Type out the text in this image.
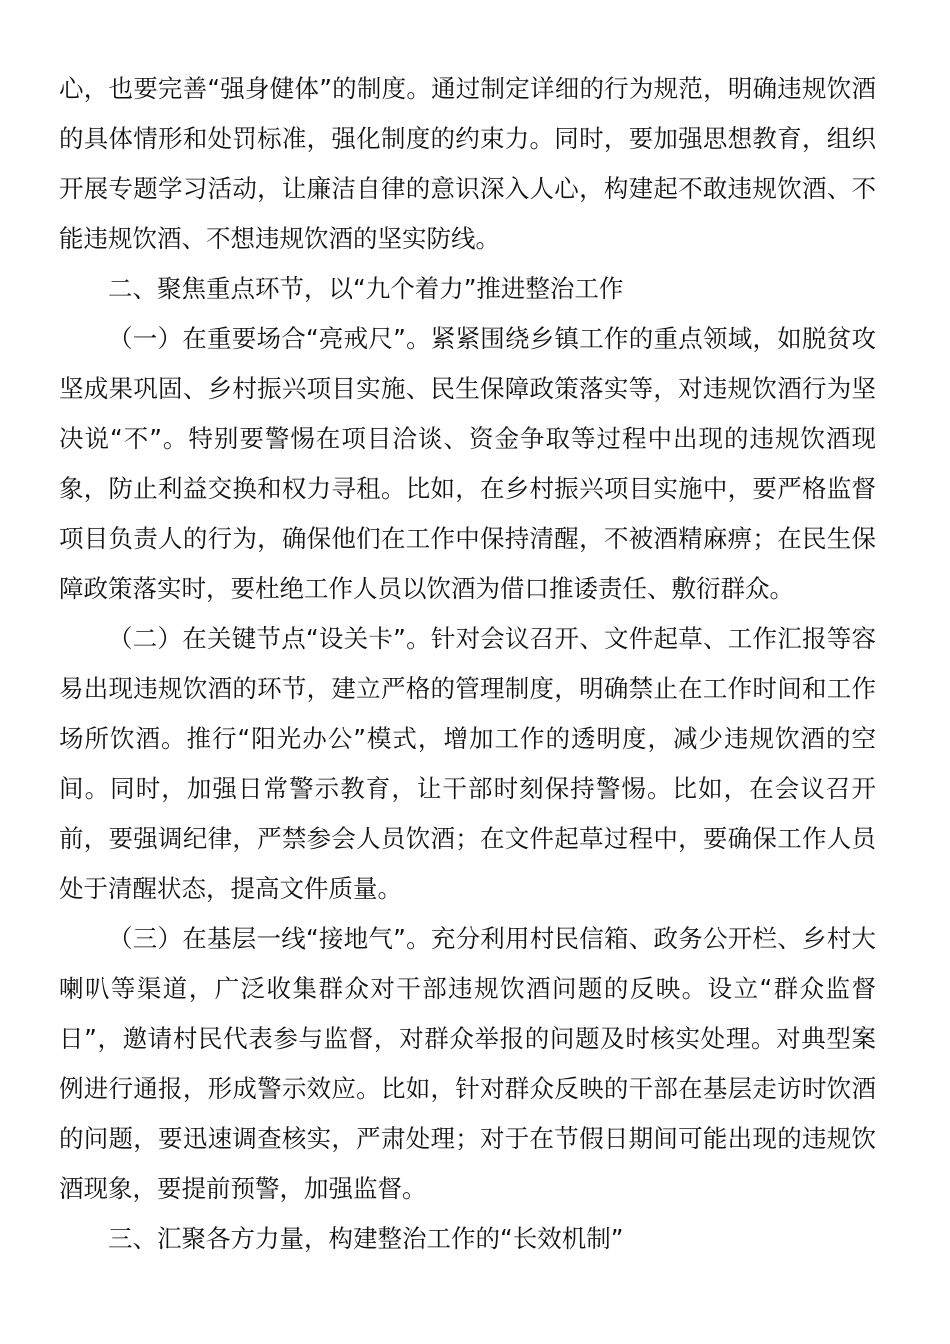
心，也要完善“强身健体”的制度。通过制定详细的行为规范，明确违规饮酒的具体情形和处罚标准，强化制度的约束力。同时，要加强思想教育，组织开展专题学习活动，让廉洁自律的意识深入人心，构建起不敢违规饮酒、不能违规饮酒、不想违规饮酒的坚实防线。

二、聚焦重点环节，以“九个着力”推进整治工作

（一）在重要场合“亮戒尺”。紧紧围绕乡镇工作的重点领域，如脱贫攻坚成果巩固、乡村振兴项目实施、民生保障政策落实等，对违规饮酒行为坚决说“不”。特别要警惕在项目洽谈、资金争取等过程中出现的违规饮酒现象，防止利益交换和权力寻租。比如，在乡村振兴项目实施中，要严格监督项目负责人的行为，确保他们在工作中保持清醒，不被酒精麻痹；在民生保障政策落实时，要杜绝工作人员以饮酒为借口推诿责任、敷衍群众。

（二）在关键节点“设关卡”。针对会议召开、文件起草、工作汇报等容易出现违规饮酒的环节，建立严格的管理制度，明确禁止在工作时间和工作场所饮酒。推行“阳光办公”模式，增加工作的透明度，减少违规饮酒的空间。同时，加强日常警示教育，让干部时刻保持警惕。比如，在会议召开前，要强调纪律，严禁参会人员饮酒；在文件起草过程中，要确保工作人员处于清醒状态，提高文件质量。

（三）在基层一线“接地气”。充分利用村民信箱、政务公开栏、乡村大喇叭等渠道，广泛收集群众对干部违规饮酒问题的反映。设立“群众监督日”，邀请村民代表参与监督，对群众举报的问题及时核实处理。对典型案例进行通报，形成警示效应。比如，针对群众反映的干部在基层走访时饮酒的问题，要迅速调查核实，严肃处理；对于在节假日期间可能出现的违规饮酒现象，要提前预警，加强监督。

三、汇聚各方力量，构建整治工作的“长效机制”
